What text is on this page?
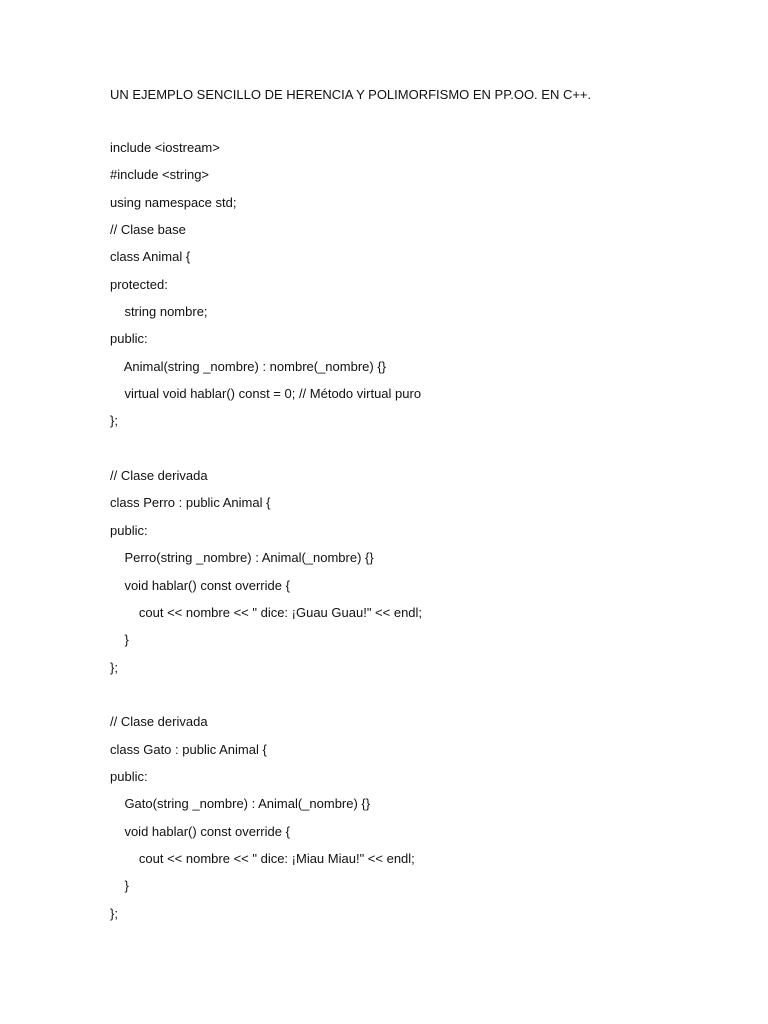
UN EJEMPLO SENCILLO DE HERENCIA Y POLIMORFISMO EN PP.OO. EN C++.
include <iostream>
#include <string>
using namespace std;
// Clase base
class Animal {
protected:
string nombre;
public:
Animal(string _nombre) : nombre(_nombre) {}
virtual void hablar() const = 0; // Método virtual puro
};
// Clase derivada
class Perro : public Animal {
public:
Perro(string _nombre) : Animal(_nombre) {}
void hablar() const override {
cout << nombre << " dice: ¡Guau Guau!" << endl;
}
};
// Clase derivada
class Gato : public Animal {
public:
Gato(string _nombre) : Animal(_nombre) {}
void hablar() const override {
cout << nombre << " dice: ¡Miau Miau!" << endl;
}
};
